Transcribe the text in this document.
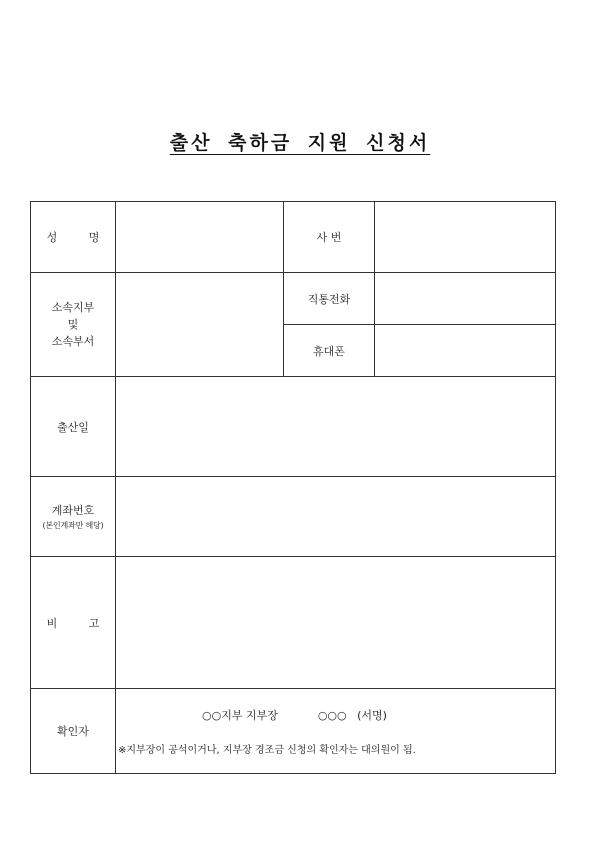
출산 축하금 지원 신청서
성 명		사 번	
소속지부
및
소속부서		직통전화	
		휴대폰	
출산일			
계좌번호
(본인계좌만 해당)			

비 고			
확인자	○○지부 지부장 ○○○ (서명)
※지부장이 공석이거나, 지부장 경조금 신청의 확인자는 대의원이 됨.		
